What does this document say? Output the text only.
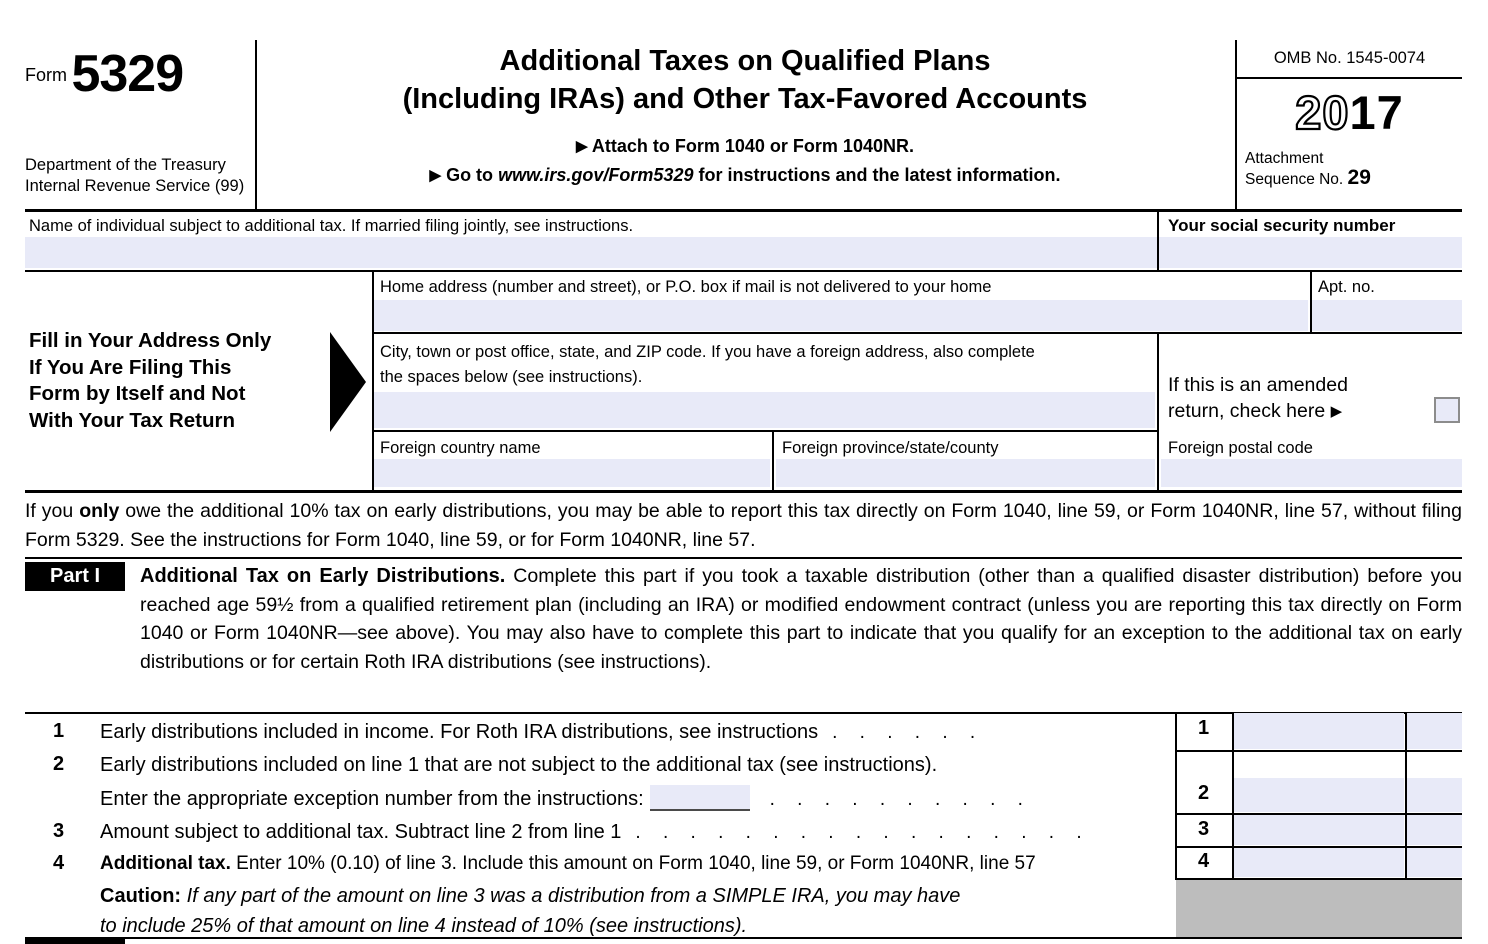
Form 5329
Department of the Treasury
Internal Revenue Service (99)
Additional Taxes on Qualified Plans
(Including IRAs) and Other Tax-Favored Accounts
▶ Attach to Form 1040 or Form 1040NR.
▶ Go to www.irs.gov/Form5329 for instructions and the latest information.
OMB No. 1545-0074
2017
Attachment
Sequence No. 29
Name of individual subject to additional tax. If married filing jointly, see instructions.	Your social security number
Fill in Your Address Only
If You Are Filing This
Form by Itself and Not
With Your Tax Return
Home address (number and street), or P.O. box if mail is not delivered to your home	Apt. no.
City, town or post office, state, and ZIP code. If you have a foreign address, also complete
the spaces below (see instructions).	If this is an amended
return, check here ▶
Foreign country name	Foreign province/state/county	Foreign postal code
If you only owe the additional 10% tax on early distributions, you may be able to report this tax directly on Form 1040, line 59, or Form 1040NR, line 57, without filing Form 5329. See the instructions for Form 1040, line 59, or for Form 1040NR, line 57.
Part I	Additional Tax on Early Distributions. Complete this part if you took a taxable distribution (other than a qualified disaster distribution) before you reached age 59½ from a qualified retirement plan (including an IRA) or modified endowment contract (unless you are reporting this tax directly on Form 1040 or Form 1040NR—see above). You may also have to complete this part to indicate that you qualify for an exception to the additional tax on early distributions or for certain Roth IRA distributions (see instructions).
1	Early distributions included in income. For Roth IRA distributions, see instructions . . . . . .
2	Early distributions included on line 1 that are not subject to the additional tax (see instructions).
Enter the appropriate exception number from the instructions:	. . . . . . . . . .
3	Amount subject to additional tax. Subtract line 2 from line 1 . . . . . . . . . . . . . . . . .
4	Additional tax. Enter 10% (0.10) of line 3. Include this amount on Form 1040, line 59, or Form 1040NR, line 57
Caution: If any part of the amount on line 3 was a distribution from a SIMPLE IRA, you may have
to include 25% of that amount on line 4 instead of 10% (see instructions).
1
2
3
4
